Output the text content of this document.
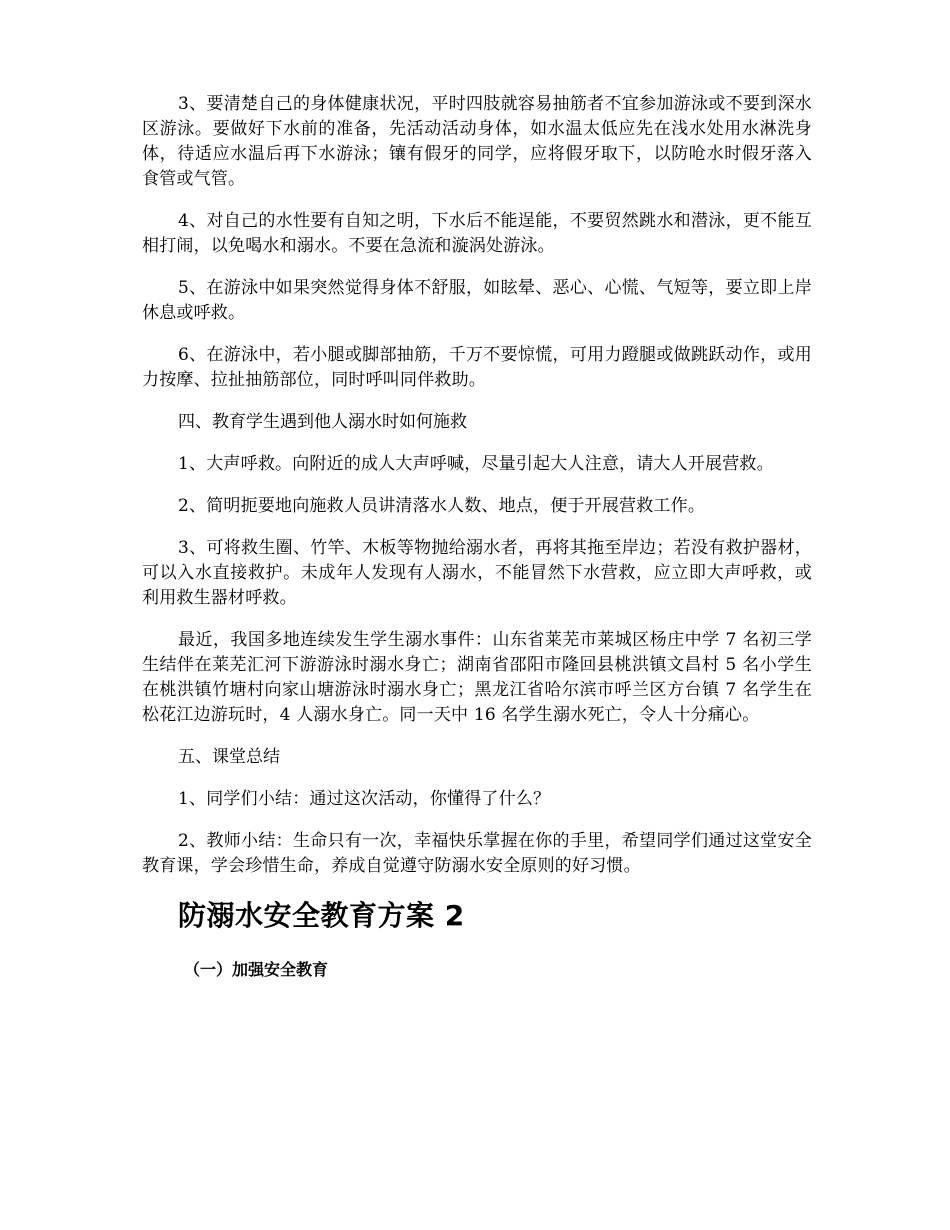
3、要清楚自己的身体健康状况，平时四肢就容易抽筋者不宜参加游泳或不要到深水区游泳。要做好下水前的准备，先活动活动身体，如水温太低应先在浅水处用水淋洗身体，待适应水温后再下水游泳；镶有假牙的同学，应将假牙取下，以防呛水时假牙落入食管或气管。

4、对自己的水性要有自知之明，下水后不能逞能，不要贸然跳水和潜泳，更不能互相打闹，以免喝水和溺水。不要在急流和漩涡处游泳。

5、在游泳中如果突然觉得身体不舒服，如眩晕、恶心、心慌、气短等，要立即上岸休息或呼救。

6、在游泳中，若小腿或脚部抽筋，千万不要惊慌，可用力蹬腿或做跳跃动作，或用力按摩、拉扯抽筋部位，同时呼叫同伴救助。

四、教育学生遇到他人溺水时如何施救

1、大声呼救。向附近的成人大声呼喊，尽量引起大人注意，请大人开展营救。

2、简明扼要地向施救人员讲清落水人数、地点，便于开展营救工作。

3、可将救生圈、竹竿、木板等物抛给溺水者，再将其拖至岸边；若没有救护器材，可以入水直接救护。未成年人发现有人溺水，不能冒然下水营救，应立即大声呼救，或利用救生器材呼救。

最近，我国多地连续发生学生溺水事件：山东省莱芜市莱城区杨庄中学 7 名初三学生结伴在莱芜汇河下游游泳时溺水身亡；湖南省邵阳市隆回县桃洪镇文昌村 5 名小学生在桃洪镇竹塘村向家山塘游泳时溺水身亡；黑龙江省哈尔滨市呼兰区方台镇 7 名学生在松花江边游玩时，4 人溺水身亡。同一天中 16 名学生溺水死亡，令人十分痛心。

五、课堂总结

1、同学们小结：通过这次活动，你懂得了什么？

2、教师小结：生命只有一次，幸福快乐掌握在你的手里，希望同学们通过这堂安全教育课，学会珍惜生命，养成自觉遵守防溺水安全原则的好习惯。

防溺水安全教育方案 2
（一）加强安全教育
